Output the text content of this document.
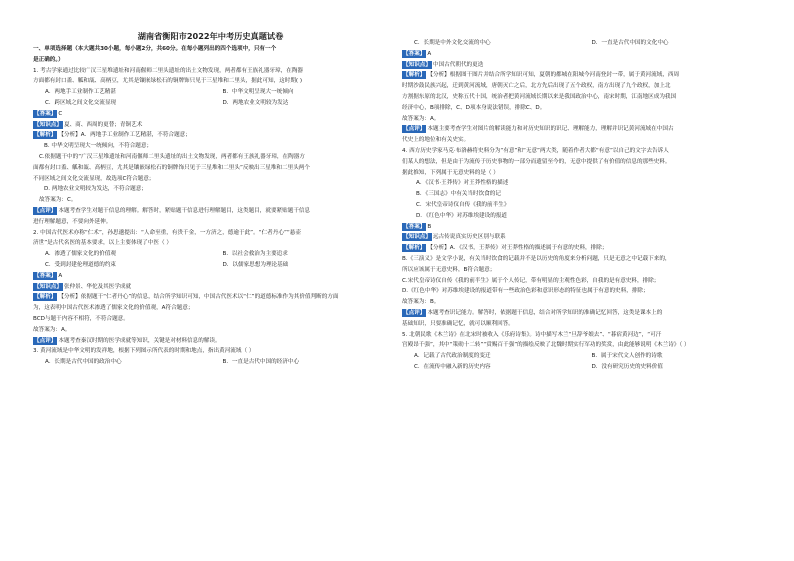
湖南省衡阳市2022年中考历史真题试卷
一、单项选择题（本大题共30小题，每小题2分，共60分。在每小题列出的四个选项中，只有一个
是正确的。）
1. 考古学家通过比较广汉三星堆遗址和河南偃师二里头遗址的出土文物发现，两者都有王族礼器牙璋，在陶器
方面都有封口盉、觚和瓿、高柄豆，尤其是镶嵌绿松石的铜牌饰只见于三星堆和二里头，据此可知，这时期( )
A．两地手工业制作工艺精湛	B．中华文明呈现大一统倾向
C．跨区域之间文化交流显现	D．两地农业文明较为发达
【答案】 C
【知识点】 夏、商、西周的更替；青铜艺术
【解析】 【分析】A．两地手工业制作工艺精湛，不符合题意；
B. 中华文明呈现大一统倾向，不符合题意；
C.依据题干中的“广汉三星堆遗址和河南偃师二里头遗址的出土文物发现，两者都有王族礼器牙璋，在陶器方
面都有封口盉、觚和瓿、高柄豆，尤其是镶嵌绿松石的铜牌饰只见于三星堆和二里头”反映出三星堆和二里头两个
不同区域之间文化交流显现，故选项C符合题意；
D. 两地农业文明较为发达，不符合题意；
故答案为：C。
【点评】 本题考查学生对题干信息的理解。解答时，紧贴题干信息进行理解题目，这类题目，就要紧贴题干信息
进行理解题意，不要向外延伸。
2. 中国古代医术亦称“仁术”，孙思邈提出：“人命至重，有贵千金，一方济之，德逾于此”。“仁者丹心”“悬壶
济世”是古代名医的基本要求，以上主要体现了中医（ ）
A．渗透了儒家文化的价值观	B．以社会救治为主要追求
C．受到封建伦理道德的约束	D．以儒家思想为理论基础
【答案】 A
【知识点】 张仲景、华佗及其医学成就
【解析】 【分析】依据题干“仁者丹心”的信息，结合所学知识可知，中国古代医术以“仁”的道德标准作为其价值判断的方面
为，这表明中国古代医术渗透了儒家文化的价值观，A符合题意；
BCD与题干内容不相符，不符合题意。
故答案为：A。
【点评】 本题考查秦汉时期的医学成就等知识，关键是对材料信息的解读。
3. 黄河流域是中华文明的发祥地，根据下列图示所代表的时期和地点，指出黄河流域（ ）
A．长期是古代中国的政治中心	B．一直是古代中国的经济中心
C．长期是中外文化交流的中心	D．一直是古代中国的文化中心
【答案】 A
【知识点】 中国古代朝代的更迭
【解析】 【分析】根据图干图片并结合所学知识可知，夏朝的都城在阳城今河南登封一带，属于黄河流域，西周
时期沙鼓民族兴起，迁到黄河流域，唐朝灭亡之后，北方先后出现了五个政权，南方出现了九个政权，加上北
方割据东原的北汉，史称五代十国，统治者把黄河流域长期以来是我国政治中心，南宋时期，江南地区成为我国
经济中心，B项排除，C、D项本身说法错误，排除C、D。
故答案为：A。
【点评】 本题主要考查学生对图片的解读能力和对历史知识的识记、理解能力，理解并识记黄河流域在中国古
代史上的地位和有关史实。
4. 西方历史学家马克·布洛赫将史料分为“有意”和“无意”两大类，随着作者大都“有意”以自己的文字去告诉人
们某人的想法，但是由于为流传于历史事物的一部分而遗留至今的，无意中提供了有价值的信息的那些史料。
据此推知，下列属于无意史料的是（ ）
A．《汉书·王莽传》对王莽性格的描述
B．《三国志》中有关当时饮食的记
C．宋代皇帝诗仪自传《我的前半生》
D．《红色中华》对苏维埃建设的报道
【答案】 B
【知识点】 远古传说真实历史区别与联系
【解析】 【分析】A．《汉书，王莽传》对王莽性格的描述属于有意的史料，排除；
B.《三演义》是文学小说，有关当时饮食的记载并不是以历史的角度来分析问题，只是无意之中记载下来的，
所以应该属于无意史料，B符合题意；
C.宋代皇帝诗仪自传《我的前半生》属于个人传记，带有明显的主观性色彩，自我的是有意史料，排除；
D.《红色中华》对苏维埃建设的报道带有一些政治色彩和意识形态的特征也属于有意的史料，排除；
故答案为：B。
【点评】 本题考查识记能力。解答时，依据题干信息，结合对所学知识的准确记忆回答，这类是课本上的
基础知识，只要准确记忆，就可以顺利回答。
5. 北朝民歌《木兰诗》在北宋时被收入《乐府诗集》。诗中描写木兰“旦辞爷娘去”、“暮宿黄河边”，“可汗
宫殿昂千强”，其中“策勋十二转”“赏赐百千强”的描绘反映了北魏时期实行军功的奖赏，由此能够说明《木兰诗》（ ）
A．记载了古代政治制度的变迁	B．属于宋代文人创作的诗歌
C．在流传中融入新的历史内容	D．没有研究历史的史料价值
